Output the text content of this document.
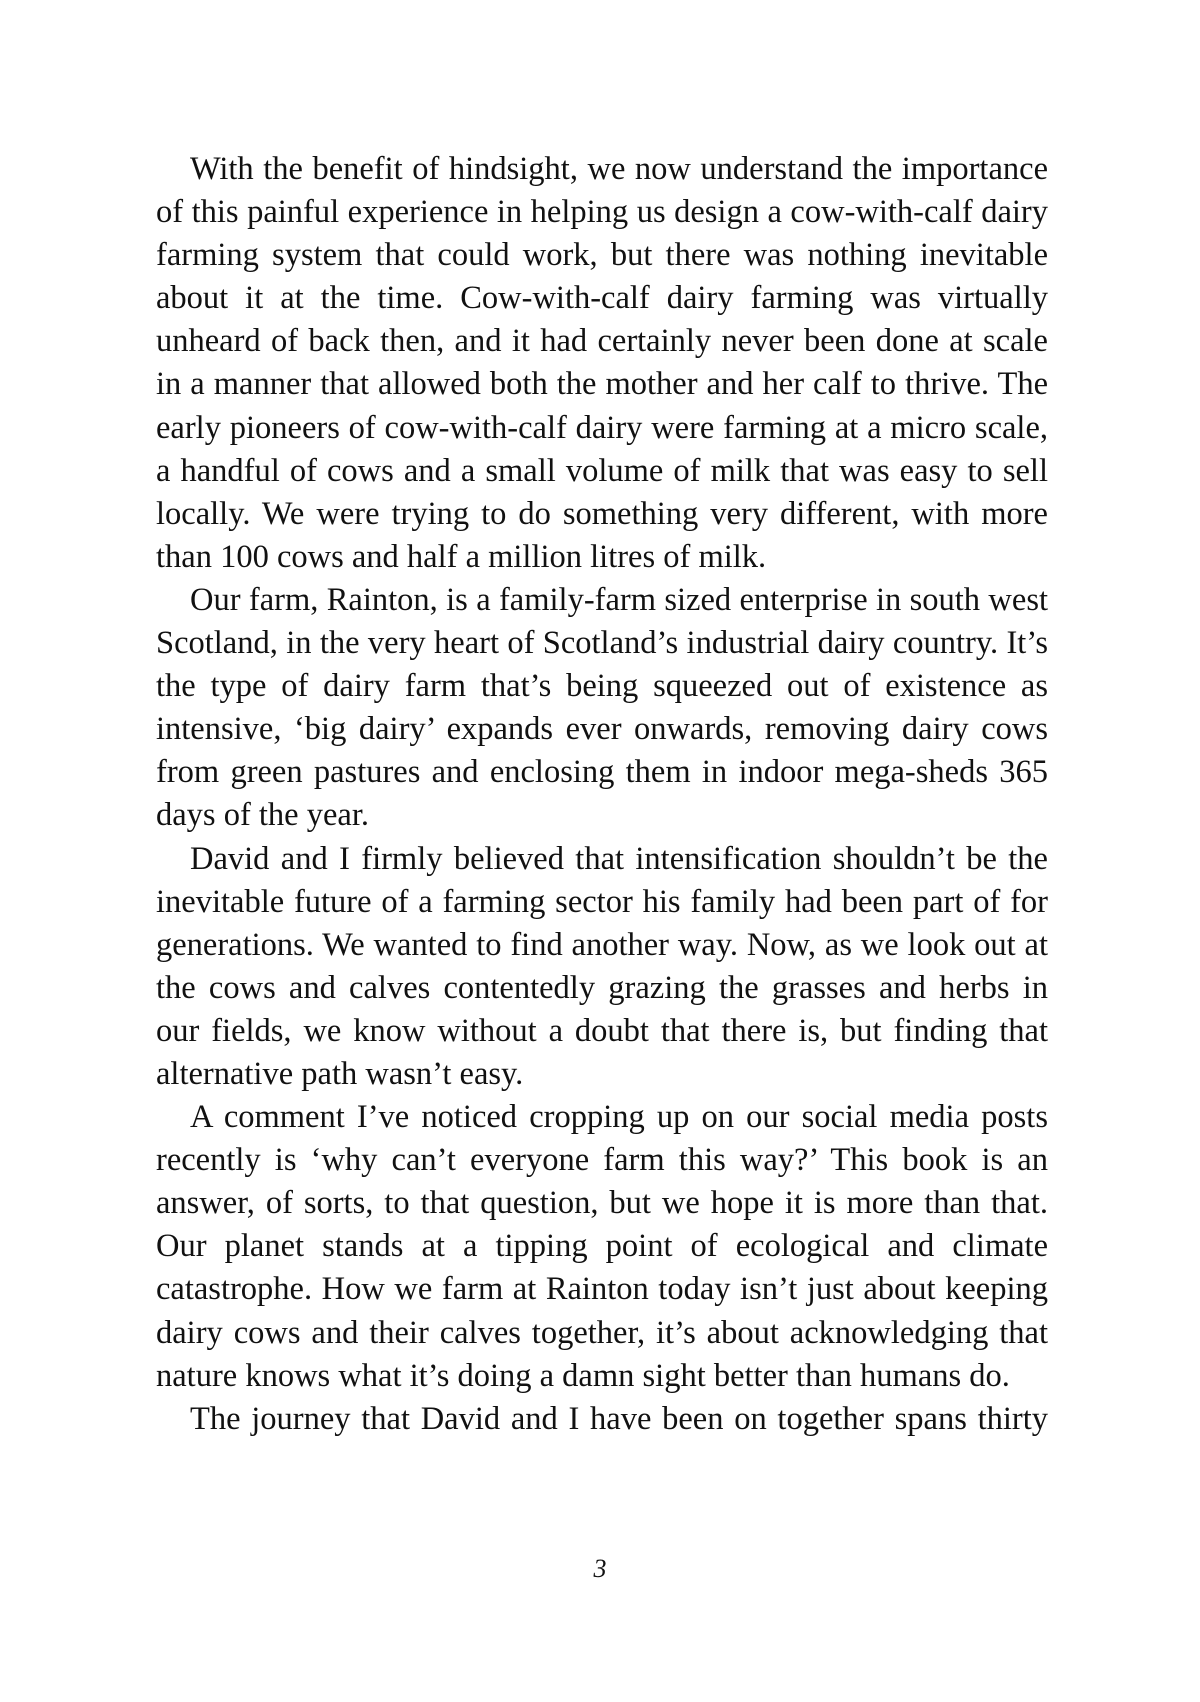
With the benefit of hindsight, we now understand the importance of this painful experience in helping us design a cow-with-calf dairy farming system that could work, but there was nothing inevitable about it at the time. Cow-with-calf dairy farming was virtually unheard of back then, and it had certainly never been done at scale in a manner that allowed both the mother and her calf to thrive. The early pioneers of cow-with-calf dairy were farming at a micro scale, a handful of cows and a small volume of milk that was easy to sell locally. We were trying to do something very different, with more than 100 cows and half a million litres of milk.

Our farm, Rainton, is a family-farm sized enterprise in south west Scotland, in the very heart of Scotland’s industrial dairy country. It’s the type of dairy farm that’s being squeezed out of existence as intensive, ‘big dairy’ expands ever onwards, removing dairy cows from green pastures and enclosing them in indoor mega-sheds 365 days of the year.

David and I firmly believed that intensification shouldn’t be the inevitable future of a farming sector his family had been part of for generations. We wanted to find another way. Now, as we look out at the cows and calves contentedly grazing the grasses and herbs in our fields, we know without a doubt that there is, but finding that alternative path wasn’t easy.

A comment I’ve noticed cropping up on our social media posts recently is ‘why can’t everyone farm this way?’ This book is an answer, of sorts, to that question, but we hope it is more than that. Our planet stands at a tipping point of ecological and climate catastrophe. How we farm at Rainton today isn’t just about keeping dairy cows and their calves together, it’s about acknowledging that nature knows what it’s doing a damn sight better than humans do.

The journey that David and I have been on together spans thirty

3
